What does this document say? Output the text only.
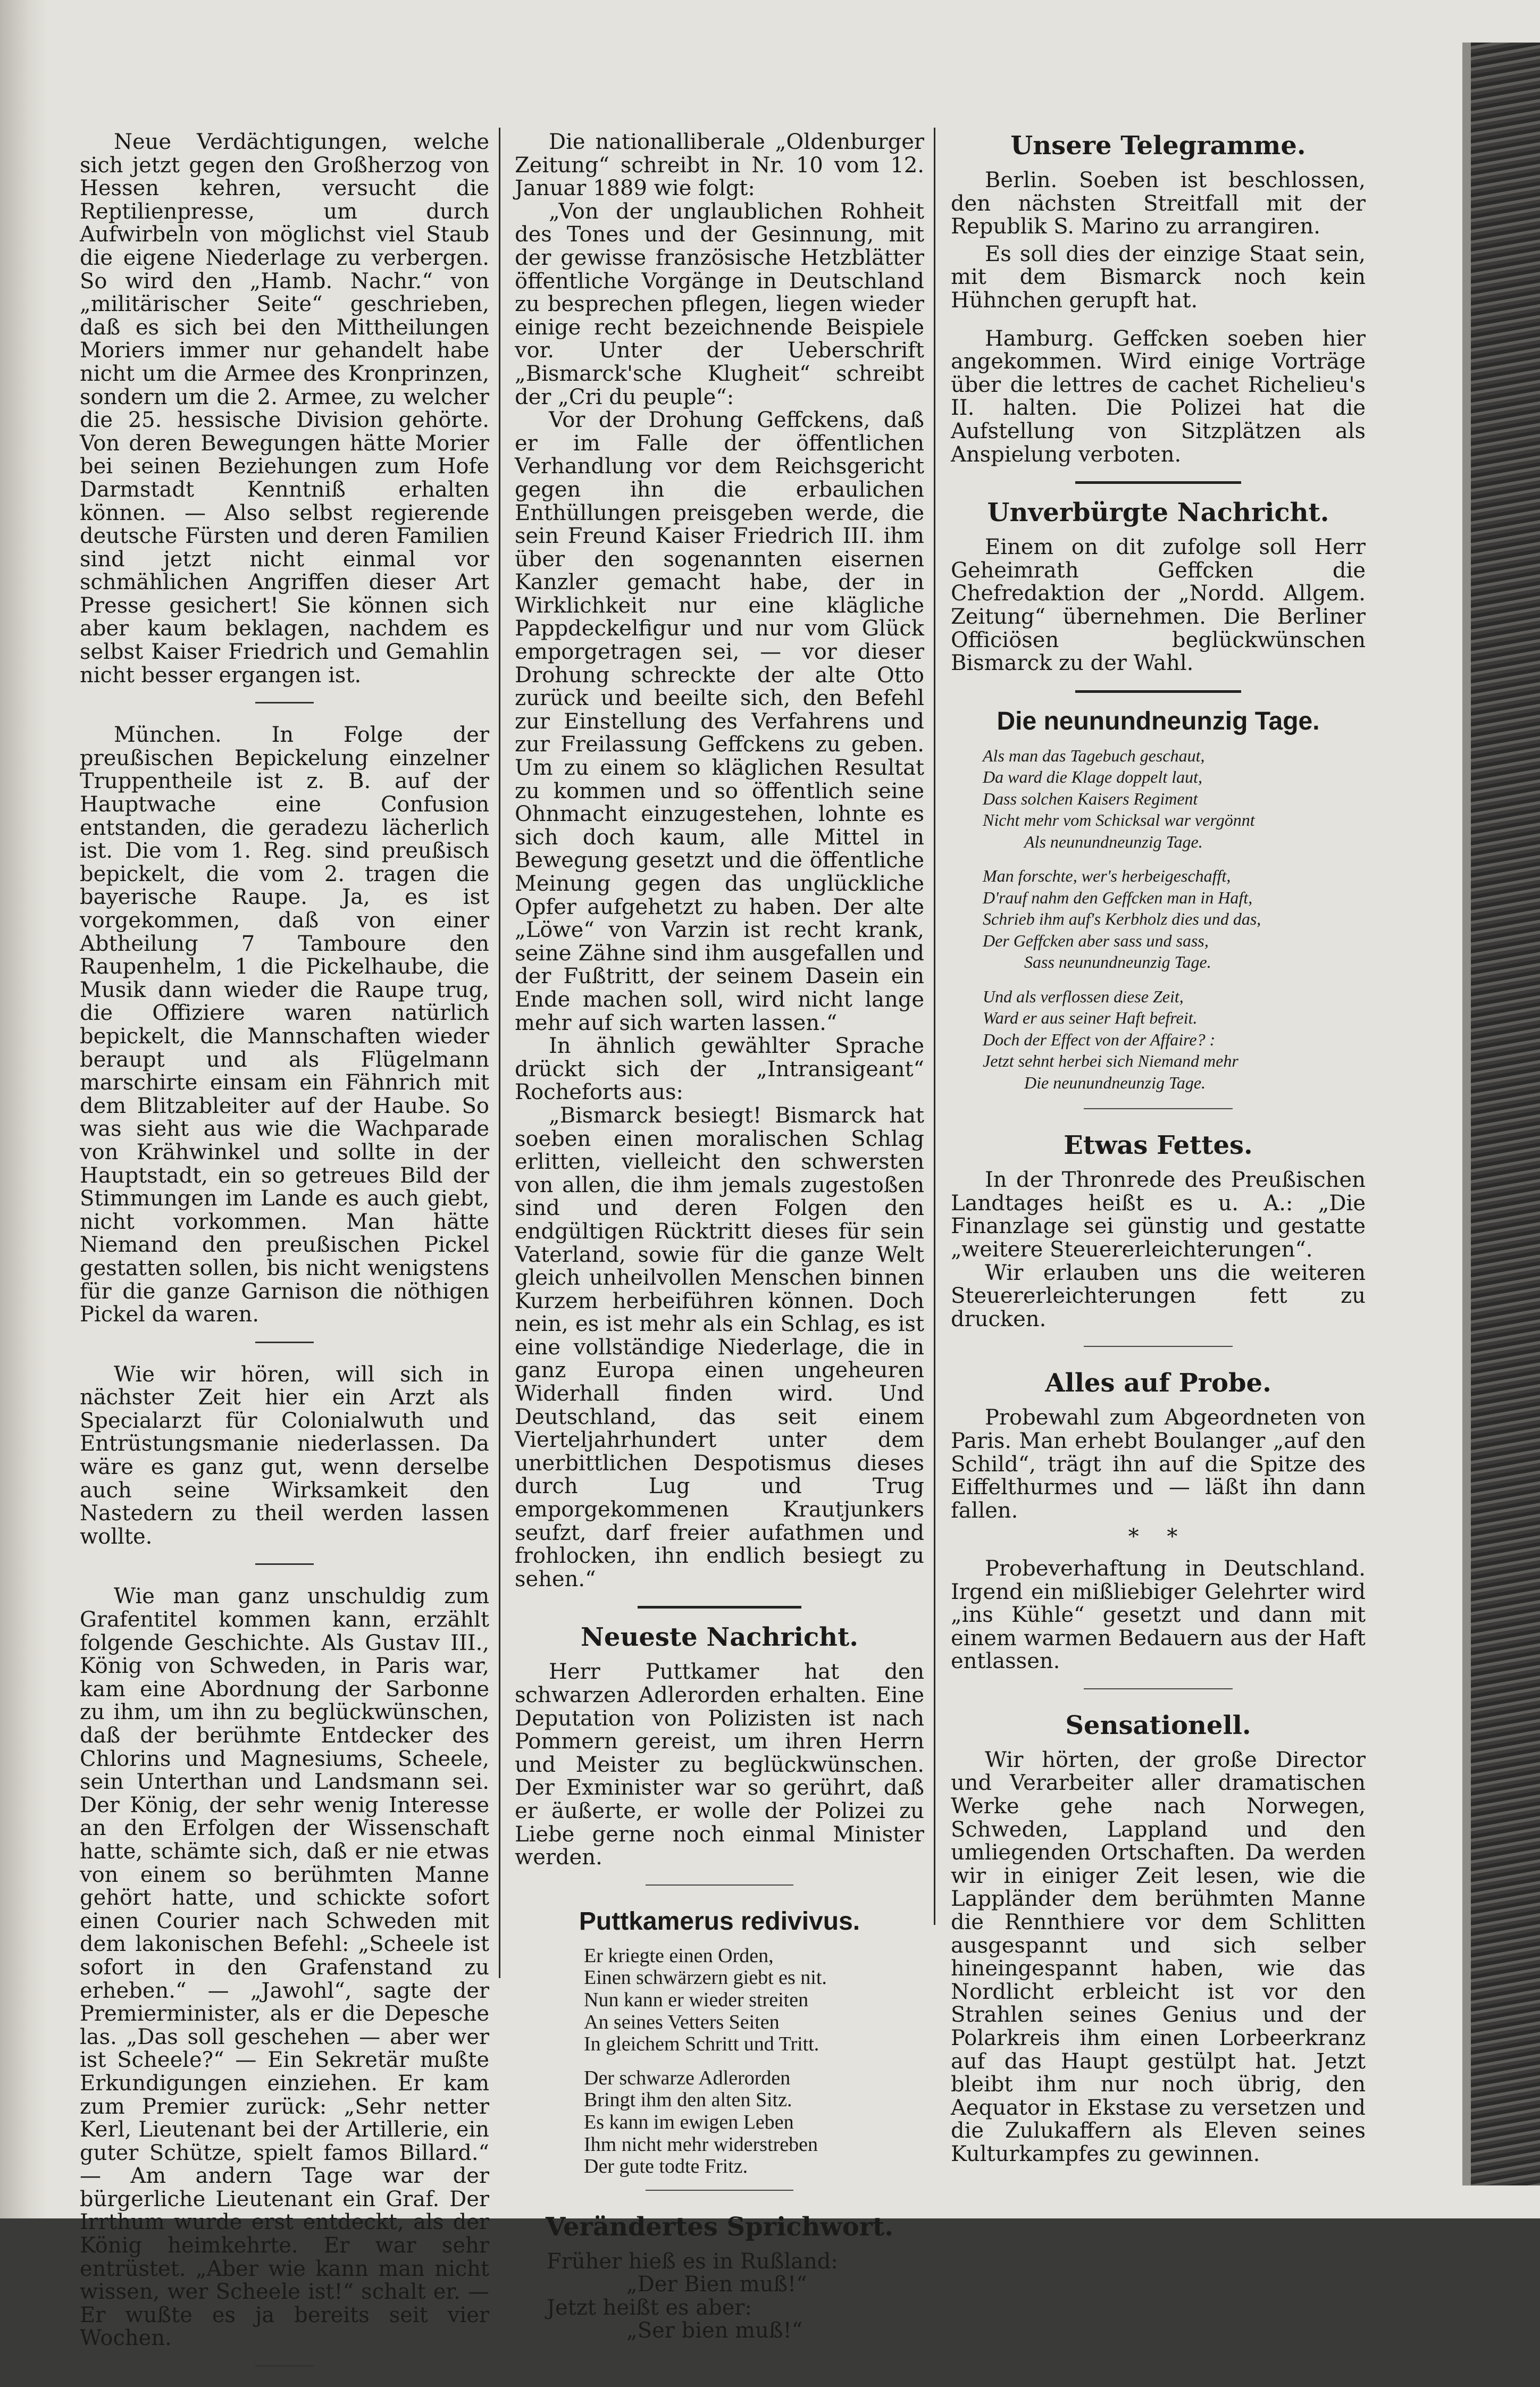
Neue Verdächtigungen, welche sich jetzt gegen den Großherzog von Hessen kehren, versucht die Reptilienpresse, um durch Aufwirbeln von möglichst viel Staub die eigene Niederlage zu verbergen. So wird den „Hamb. Nachr.“ von „militärischer Seite“ geschrieben, daß es sich bei den Mittheilungen Moriers immer nur gehandelt habe nicht um die Armee des Kronprinzen, sondern um die 2. Armee, zu welcher die 25. hessische Division gehörte. Von deren Bewegungen hätte Morier bei seinen Beziehungen zum Hofe Darmstadt Kenntniß erhalten können. — Also selbst regierende deutsche Fürsten und deren Familien sind jetzt nicht einmal vor schmählichen Angriffen dieser Art Presse gesichert! Sie können sich aber kaum beklagen, nachdem es selbst Kaiser Friedrich und Gemahlin nicht besser ergangen ist.

München. In Folge der preußischen Bepickelung einzelner Truppentheile ist z. B. auf der Hauptwache eine Confusion entstanden, die geradezu lächerlich ist. Die vom 1. Reg. sind preußisch bepickelt, die vom 2. tragen die bayerische Raupe. Ja, es ist vorgekommen, daß von einer Abtheilung 7 Tamboure den Raupenhelm, 1 die Pickelhaube, die Musik dann wieder die Raupe trug, die Offiziere waren natürlich bepickelt, die Mannschaften wieder beraupt und als Flügelmann marschirte einsam ein Fähnrich mit dem Blitzableiter auf der Haube. So was sieht aus wie die Wachparade von Krähwinkel und sollte in der Hauptstadt, ein so getreues Bild der Stimmungen im Lande es auch giebt, nicht vorkommen. Man hätte Niemand den preußischen Pickel gestatten sollen, bis nicht wenigstens für die ganze Garnison die nöthigen Pickel da waren.

Wie wir hören, will sich in nächster Zeit hier ein Arzt als Specialarzt für Colonialwuth und Entrüstungsmanie niederlassen. Da wäre es ganz gut, wenn derselbe auch seine Wirksamkeit den Nastedern zu theil werden lassen wollte.

Wie man ganz unschuldig zum Grafentitel kommen kann, erzählt folgende Geschichte. Als Gustav III., König von Schweden, in Paris war, kam eine Abordnung der Sarbonne zu ihm, um ihn zu beglückwünschen, daß der berühmte Entdecker des Chlorins und Magnesiums, Scheele, sein Unterthan und Landsmann sei. Der König, der sehr wenig Interesse an den Erfolgen der Wissenschaft hatte, schämte sich, daß er nie etwas von einem so berühmten Manne gehört hatte, und schickte sofort einen Courier nach Schweden mit dem lakonischen Befehl: „Scheele ist sofort in den Grafenstand zu erheben.“ — „Jawohl“, sagte der Premierminister, als er die Depesche las. „Das soll geschehen — aber wer ist Scheele?“ — Ein Sekretär mußte Erkundigungen einziehen. Er kam zum Premier zurück: „Sehr netter Kerl, Lieutenant bei der Artillerie, ein guter Schütze, spielt famos Billard.“ — Am andern Tage war der bürgerliche Lieutenant ein Graf. Der Irrthum wurde erst entdeckt, als der König heimkehrte. Er war sehr entrüstet. „Aber wie kann man nicht wissen, wer Scheele ist!“ schalt er. — Er wußte es ja bereits seit vier Wochen.

Die nationalliberale „Oldenburger Zeitung“ schreibt in Nr. 10 vom 12. Januar 1889 wie folgt:

„Von der unglaublichen Rohheit des Tones und der Gesinnung, mit der gewisse französische Hetzblätter öffentliche Vorgänge in Deutschland zu besprechen pflegen, liegen wieder einige recht bezeichnende Beispiele vor. Unter der Ueberschrift „Bismarck'sche Klugheit“ schreibt der „Cri du peuple“:

Vor der Drohung Geffckens, daß er im Falle der öffentlichen Verhandlung vor dem Reichsgericht gegen ihn die erbaulichen Enthüllungen preisgeben werde, die sein Freund Kaiser Friedrich III. ihm über den sogenannten eisernen Kanzler gemacht habe, der in Wirklichkeit nur eine klägliche Pappdeckelfigur und nur vom Glück emporgetragen sei, — vor dieser Drohung schreckte der alte Otto zurück und beeilte sich, den Befehl zur Einstellung des Verfahrens und zur Freilassung Geffckens zu geben. Um zu einem so kläglichen Resultat zu kommen und so öffentlich seine Ohnmacht einzugestehen, lohnte es sich doch kaum, alle Mittel in Bewegung gesetzt und die öffentliche Meinung gegen das unglückliche Opfer aufgehetzt zu haben. Der alte „Löwe“ von Varzin ist recht krank, seine Zähne sind ihm ausgefallen und der Fußtritt, der seinem Dasein ein Ende machen soll, wird nicht lange mehr auf sich warten lassen.“

In ähnlich gewählter Sprache drückt sich der „Intransigeant“ Rocheforts aus:

„Bismarck besiegt! Bismarck hat soeben einen moralischen Schlag erlitten, vielleicht den schwersten von allen, die ihm jemals zugestoßen sind und deren Folgen den endgültigen Rücktritt dieses für sein Vaterland, sowie für die ganze Welt gleich unheilvollen Menschen binnen Kurzem herbeiführen können. Doch nein, es ist mehr als ein Schlag, es ist eine vollständige Niederlage, die in ganz Europa einen ungeheuren Widerhall finden wird. Und Deutschland, das seit einem Vierteljahrhundert unter dem unerbittlichen Despotismus dieses durch Lug und Trug emporgekommenen Krautjunkers seufzt, darf freier aufathmen und frohlocken, ihn endlich besiegt zu sehen.“

Neueste Nachricht.

Herr Puttkamer hat den schwarzen Adlerorden erhalten. Eine Deputation von Polizisten ist nach Pommern gereist, um ihren Herrn und Meister zu beglückwünschen. Der Exminister war so gerührt, daß er äußerte, er wolle der Polizei zu Liebe gerne noch einmal Minister werden.

Puttkamerus redivivus.
Er kriegte einen Orden,
Einen schwärzern giebt es nit.
Nun kann er wieder streiten
An seines Vetters Seiten
In gleichem Schritt und Tritt.
Der schwarze Adlerorden
Bringt ihm den alten Sitz.
Es kann im ewigen Leben
Ihm nicht mehr widerstreben
Der gute todte Fritz.
Verändertes Sprichwort.
Früher hieß es in Rußland:
„Der Bien muß!“
Jetzt heißt es aber:
„Ser bien muß!“
Unsere Telegramme.

Berlin. Soeben ist beschlossen, den nächsten Streitfall mit der Republik S. Marino zu arrangiren.

Es soll dies der einzige Staat sein, mit dem Bismarck noch kein Hühnchen gerupft hat.

Hamburg. Geffcken soeben hier angekommen. Wird einige Vorträge über die lettres de cachet Richelieu's II. halten. Die Polizei hat die Aufstellung von Sitzplätzen als Anspielung verboten.

Unverbürgte Nachricht.

Einem on dit zufolge soll Herr Geheimrath Geffcken die Chefredaktion der „Nordd. Allgem. Zeitung“ übernehmen. Die Berliner Officiösen beglückwünschen Bismarck zu der Wahl.

Die neunundneunzig Tage.
Als man das Tagebuch geschaut,
Da ward die Klage doppelt laut,
Dass solchen Kaisers Regiment
Nicht mehr vom Schicksal war vergönnt
Als neunundneunzig Tage.
Man forschte, wer's herbeigeschafft,
D'rauf nahm den Geffcken man in Haft,
Schrieb ihm auf's Kerbholz dies und das,
Der Geffcken aber sass und sass,
Sass neunundneunzig Tage.
Und als verflossen diese Zeit,
Ward er aus seiner Haft befreit.
Doch der Effect von der Affaire? :
Jetzt sehnt herbei sich Niemand mehr
Die neunundneunzig Tage.
Etwas Fettes.

In der Thronrede des Preußischen Landtages heißt es u. A.: „Die Finanzlage sei günstig und gestatte „weitere Steuererleichterungen“.

Wir erlauben uns die weiteren Steuererleichterungen fett zu drucken.

Alles auf Probe.

Probewahl zum Abgeordneten von Paris. Man erhebt Boulanger „auf den Schild“, trägt ihn auf die Spitze des Eiffelthurmes und — läßt ihn dann fallen.

* *

Probeverhaftung in Deutschland. Irgend ein mißliebiger Gelehrter wird „ins Kühle“ gesetzt und dann mit einem warmen Bedauern aus der Haft entlassen.

Sensationell.

Wir hörten, der große Director und Verarbeiter aller dramatischen Werke gehe nach Norwegen, Schweden, Lappland und den umliegenden Ortschaften. Da werden wir in einiger Zeit lesen, wie die Lappländer dem berühmten Manne die Rennthiere vor dem Schlitten ausgespannt und sich selber hineingespannt haben, wie das Nordlicht erbleicht ist vor den Strahlen seines Genius und der Polarkreis ihm einen Lorbeerkranz auf das Haupt gestülpt hat. Jetzt bleibt ihm nur noch übrig, den Aequator in Ekstase zu versetzen und die Zulukaffern als Eleven seines Kulturkampfes zu gewinnen.
